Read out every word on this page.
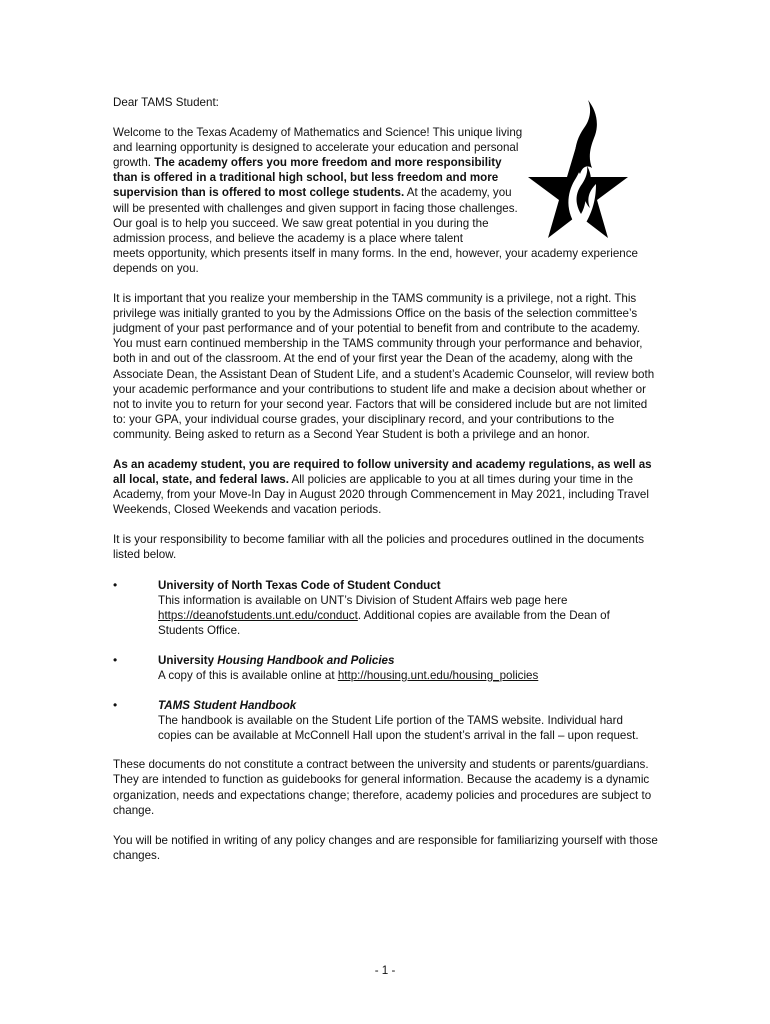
Dear TAMS Student:

Welcome to the Texas Academy of Mathematics and Science! This unique living and learning opportunity is designed to accelerate your education and personal growth. The academy offers you more freedom and more responsibility than is offered in a traditional high school, but less freedom and more supervision than is offered to most college students. At the academy, you will be presented with challenges and given support in facing those challenges. Our goal is to help you succeed. We saw great potential in you during the admission process, and believe the academy is a place where talent

meets opportunity, which presents itself in many forms. In the end, however, your academy experience depends on you.

It is important that you realize your membership in the TAMS community is a privilege, not a right. This privilege was initially granted to you by the Admissions Office on the basis of the selection committee’s judgment of your past performance and of your potential to benefit from and contribute to the academy. You must earn continued membership in the TAMS community through your performance and behavior, both in and out of the classroom. At the end of your first year the Dean of the academy, along with the Associate Dean, the Assistant Dean of Student Life, and a student’s Academic Counselor, will review both your academic performance and your contributions to student life and make a decision about whether or not to invite you to return for your second year. Factors that will be considered include but are not limited to: your GPA, your individual course grades, your disciplinary record, and your contributions to the community. Being asked to return as a Second Year Student is both a privilege and an honor.

As an academy student, you are required to follow university and academy regulations, as well as all local, state, and federal laws. All policies are applicable to you at all times during your time in the Academy, from your Move-In Day in August 2020 through Commencement in May 2021, including Travel Weekends, Closed Weekends and vacation periods.

It is your responsibility to become familiar with all the policies and procedures outlined in the documents listed below.

•	University of North Texas Code of Student Conduct
This information is available on UNT’s Division of Student Affairs web page here https://deanofstudents.unt.edu/conduct. Additional copies are available from the Dean of Students Office.
•	University Housing Handbook and Policies
A copy of this is available online at http://housing.unt.edu/housing_policies
•	TAMS Student Handbook
The handbook is available on the Student Life portion of the TAMS website. Individual hard copies can be available at McConnell Hall upon the student’s arrival in the fall – upon request.

These documents do not constitute a contract between the university and students or parents/guardians. They are intended to function as guidebooks for general information. Because the academy is a dynamic organization, needs and expectations change; therefore, academy policies and procedures are subject to change.

You will be notified in writing of any policy changes and are responsible for familiarizing yourself with those changes.

- 1 -
